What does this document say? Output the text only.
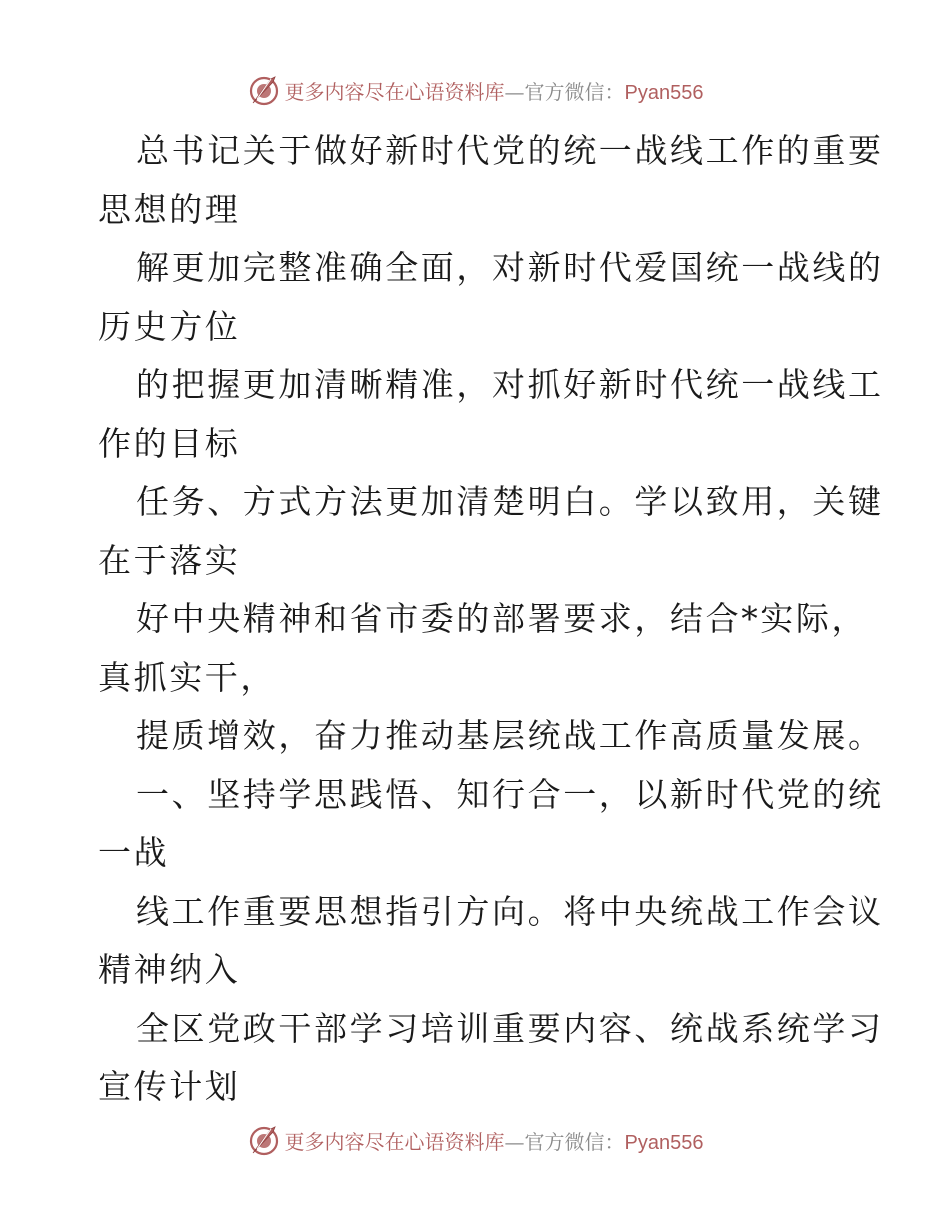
更多内容尽在心语资料库—官方微信：Pyan556
总书记关于做好新时代党的统一战线工作的重要
思想的理
解更加完整准确全面，对新时代爱国统一战线的
历史方位
的把握更加清晰精准，对抓好新时代统一战线工
作的目标
任务、方式方法更加清楚明白。学以致用，关键
在于落实
好中央精神和省市委的部署要求，结合*实际，
真抓实干，
提质增效，奋力推动基层统战工作高质量发展。
一、坚持学思践悟、知行合一，以新时代党的统
一战
线工作重要思想指引方向。将中央统战工作会议
精神纳入
全区党政干部学习培训重要内容、统战系统学习
宣传计划
更多内容尽在心语资料库—官方微信：Pyan556
